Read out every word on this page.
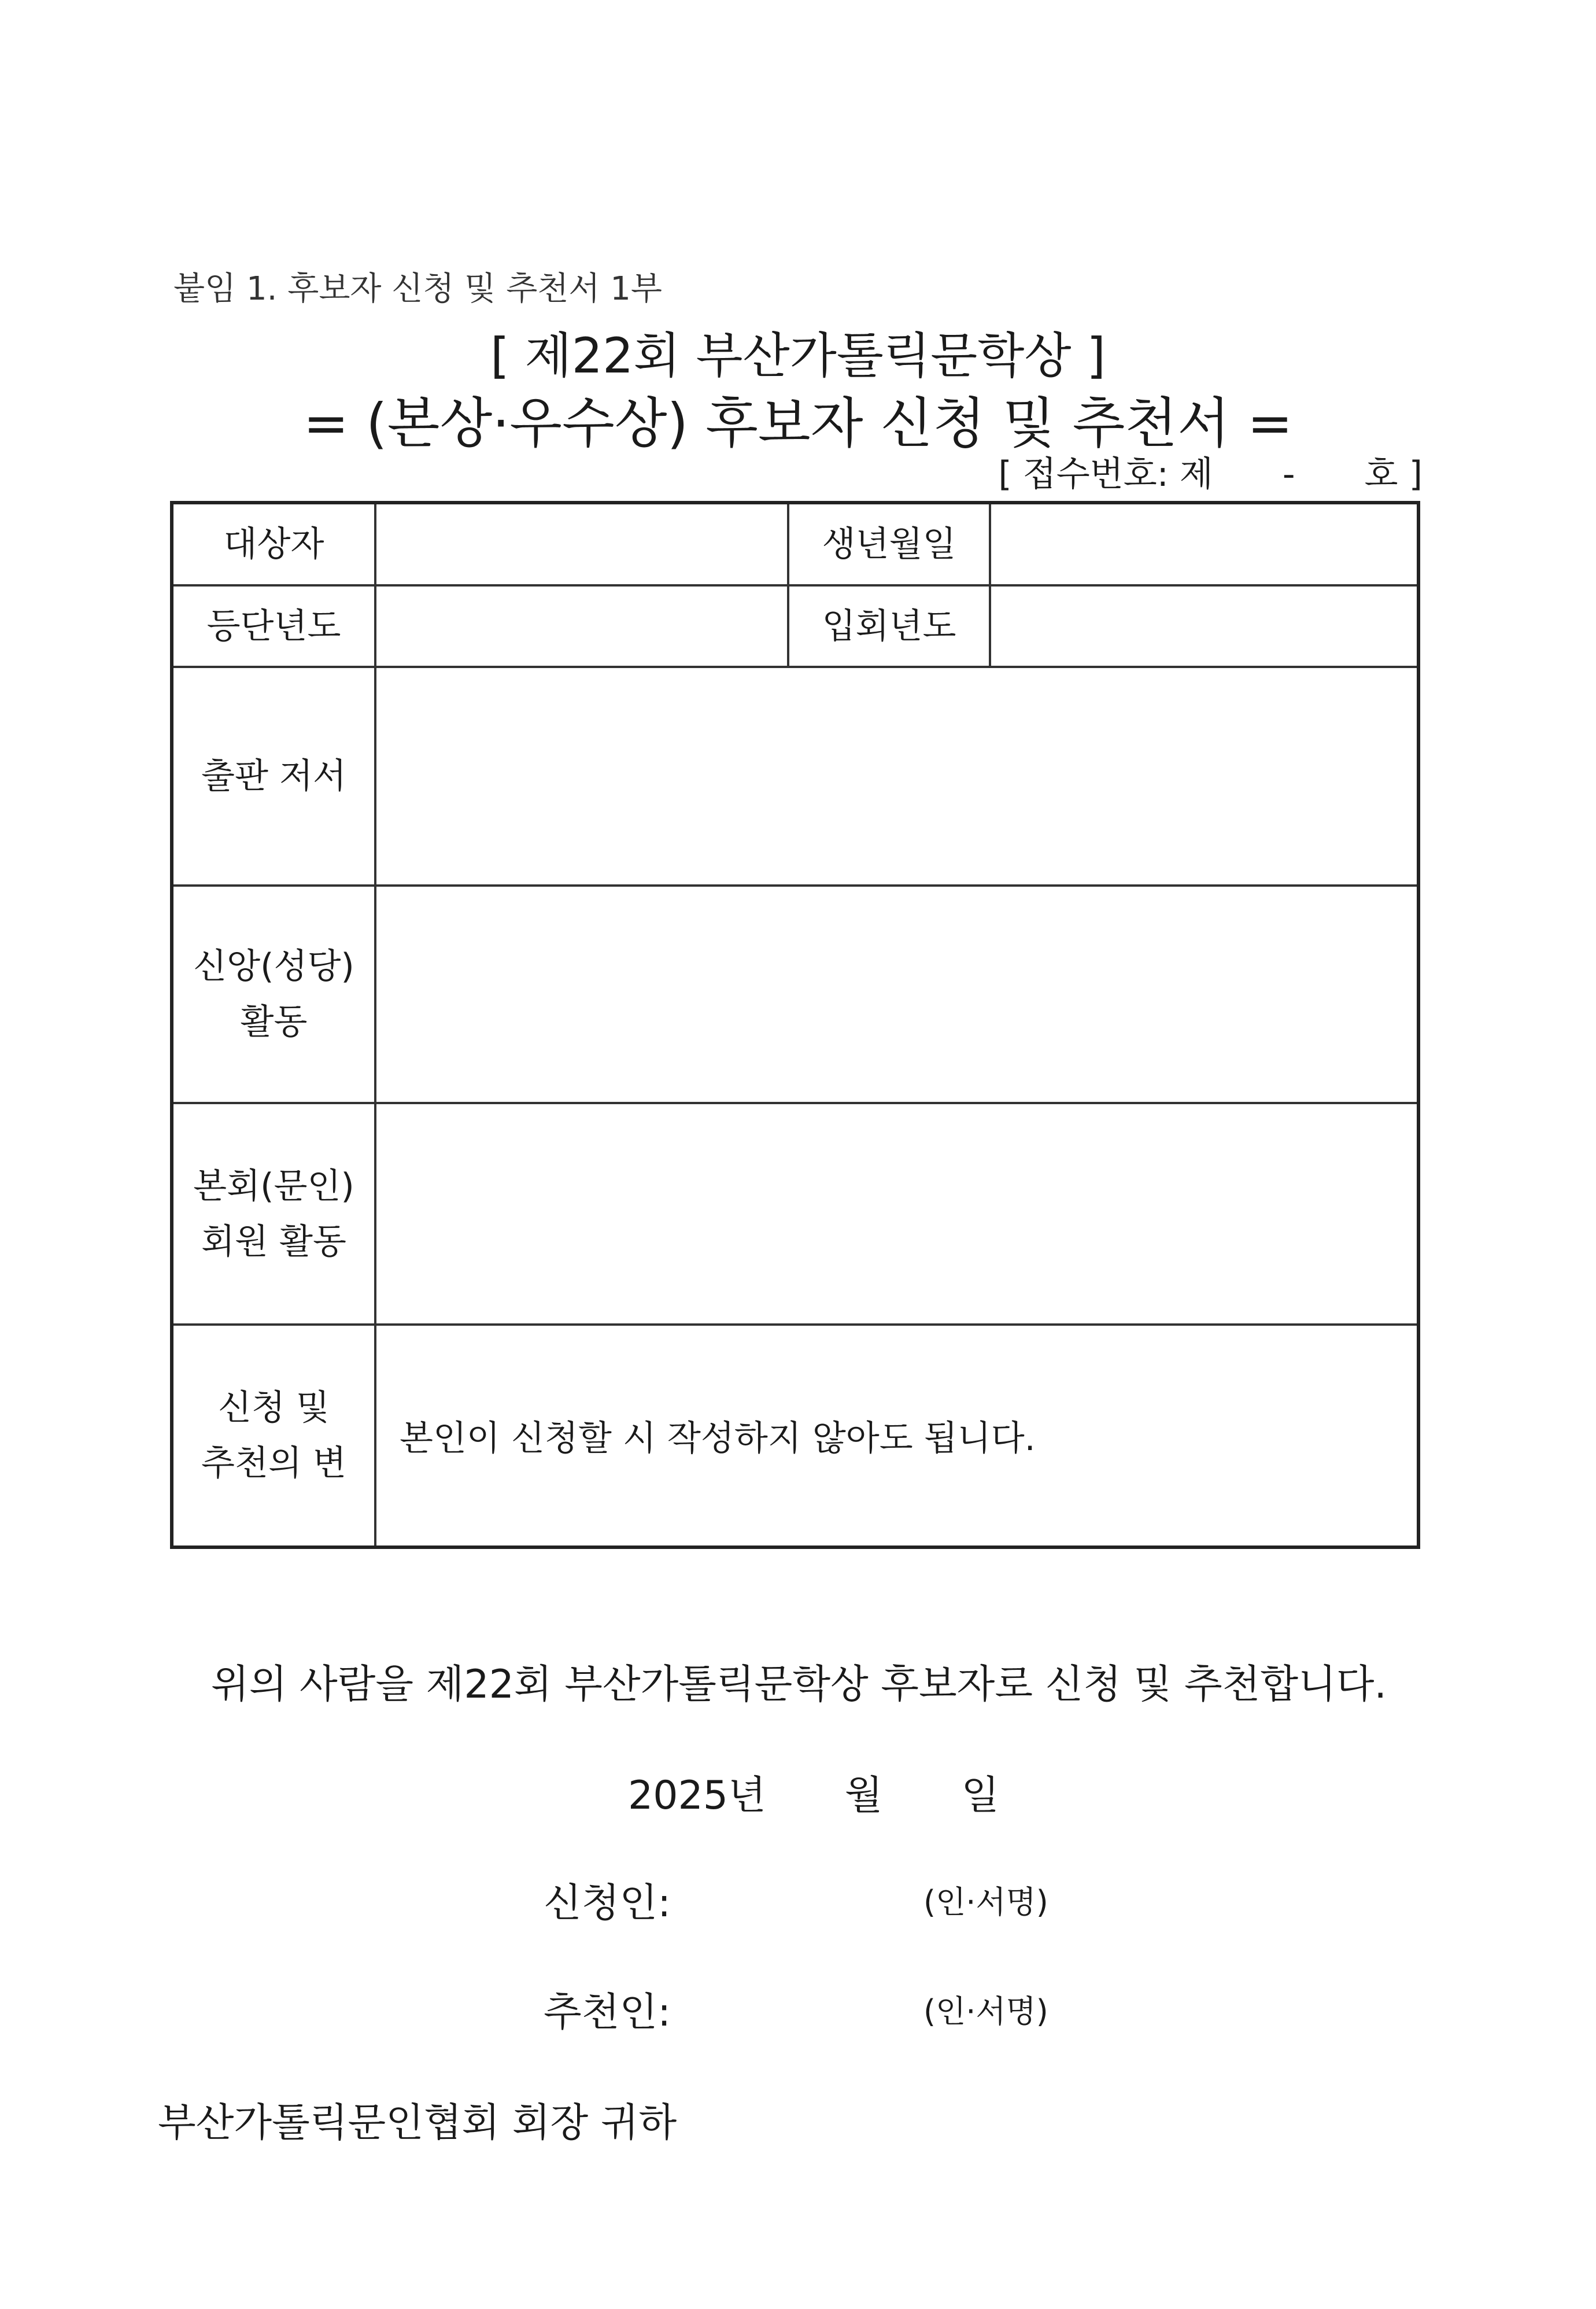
붙임 1. 후보자 신청 및 추천서 1부
[ 제22회 부산가톨릭문학상 ]
= (본상·우수상) 후보자 신청 및 추천서 =
[ 접수번호: 제　　-　　호 ]
대상자		생년월일	
등단년도		입회년도	
출판 저서			
신앙(성당)
활동			
본회(문인)
회원 활동			
신청 및
추천의 변	본인이 신청할 시 작성하지 않아도 됩니다.		
위의 사람을 제22회 부산가톨릭문학상 후보자로 신청 및 추천합니다.
2025년　　월　　일
신청인:	(인·서명)
추천인:	(인·서명)
부산가톨릭문인협회 회장 귀하
